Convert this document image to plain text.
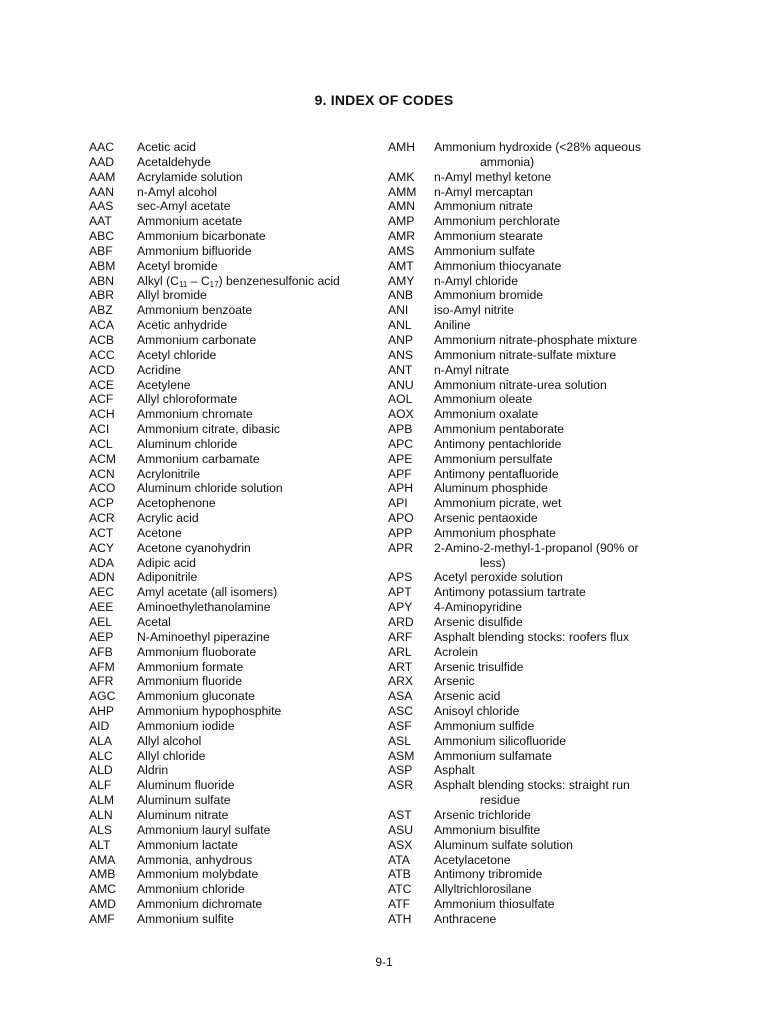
9. INDEX OF CODES
AAC	Acetic acid
AAD	Acetaldehyde
AAM	Acrylamide solution
AAN	n-Amyl alcohol
AAS	sec-Amyl acetate
AAT	Ammonium acetate
ABC	Ammonium bicarbonate
ABF	Ammonium bifluoride
ABM	Acetyl bromide
ABN	Alkyl $(C_{11} - C_{17})$ benzenesulfonic acid
ABR	Allyl bromide
ABZ	Ammonium benzoate
ACA	Acetic anhydride
ACB	Ammonium carbonate
ACC	Acetyl chloride
ACD	Acridine
ACE	Acetylene
ACF	Allyl chloroformate
ACH	Ammonium chromate
ACI	Ammonium citrate, dibasic
ACL	Aluminum chloride
ACM	Ammonium carbamate
ACN	Acrylonitrile
ACO	Aluminum chloride solution
ACP	Acetophenone
ACR	Acrylic acid
ACT	Acetone
ACY	Acetone cyanohydrin
ADA	Adipic acid
ADN	Adiponitrile
AEC	Amyl acetate (all isomers)
AEE	Aminoethylethanolamine
AEL	Acetal
AEP	N-Aminoethyl piperazine
AFB	Ammonium fluoborate
AFM	Ammonium formate
AFR	Ammonium fluoride
AGC	Ammonium gluconate
AHP	Ammonium hypophosphite
AID	Ammonium iodide
ALA	Allyl alcohol
ALC	Allyl chloride
ALD	Aldrin
ALF	Aluminum fluoride
ALM	Aluminum sulfate
ALN	Aluminum nitrate
ALS	Ammonium lauryl sulfate
ALT	Ammonium lactate
AMA	Ammonia, anhydrous
AMB	Ammonium molybdate
AMC	Ammonium chloride
AMD	Ammonium dichromate
AMF	Ammonium sulfite
AMH	Ammonium hydroxide (<28% aqueous
ammonia)
AMK	n-Amyl methyl ketone
AMM	n-Amyl mercaptan
AMN	Ammonium nitrate
AMP	Ammonium perchlorate
AMR	Ammonium stearate
AMS	Ammonium sulfate
AMT	Ammonium thiocyanate
AMY	n-Amyl chloride
ANB	Ammonium bromide
ANI	iso-Amyl nitrite
ANL	Aniline
ANP	Ammonium nitrate-phosphate mixture
ANS	Ammonium nitrate-sulfate mixture
ANT	n-Amyl nitrate
ANU	Ammonium nitrate-urea solution
AOL	Ammonium oleate
AOX	Ammonium oxalate
APB	Ammonium pentaborate
APC	Antimony pentachloride
APE	Ammonium persulfate
APF	Antimony pentafluoride
APH	Aluminum phosphide
API	Ammonium picrate, wet
APO	Arsenic pentaoxide
APP	Ammonium phosphate
APR	2-Amino-2-methyl-1-propanol (90% or
less)
APS	Acetyl peroxide solution
APT	Antimony potassium tartrate
APY	4-Aminopyridine
ARD	Arsenic disulfide
ARF	Asphalt blending stocks: roofers flux
ARL	Acrolein
ART	Arsenic trisulfide
ARX	Arsenic
ASA	Arsenic acid
ASC	Anisoyl chloride
ASF	Ammonium sulfide
ASL	Ammonium silicofluoride
ASM	Ammonium sulfamate
ASP	Asphalt
ASR	Asphalt blending stocks: straight run
residue
AST	Arsenic trichloride
ASU	Ammonium bisulfite
ASX	Aluminum sulfate solution
ATA	Acetylacetone
ATB	Antimony tribromide
ATC	Allyltrichlorosilane
ATF	Ammonium thiosulfate
ATH	Anthracene
9-1
